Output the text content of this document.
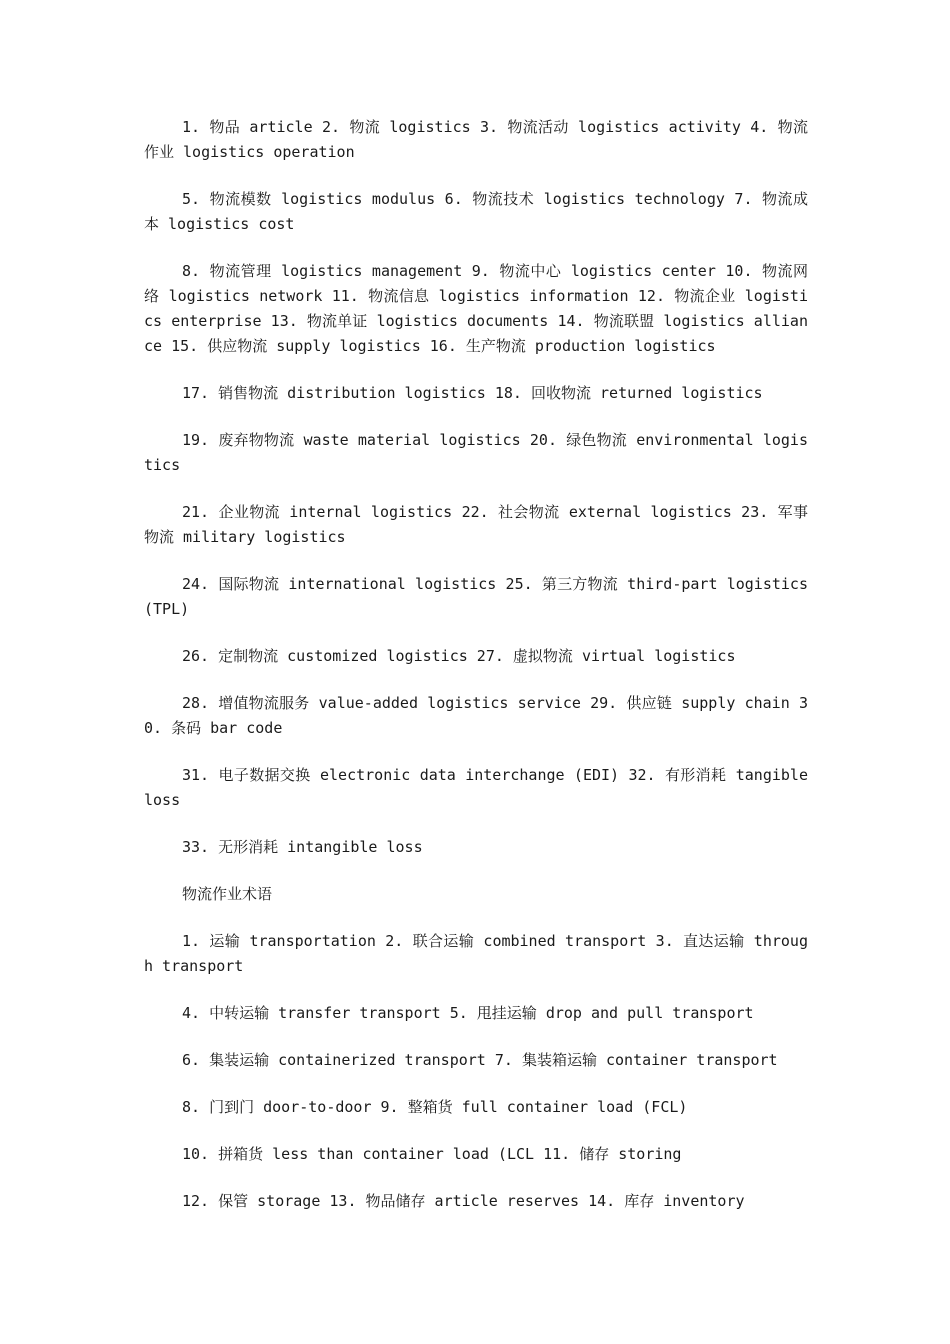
1. 物品 article 2. 物流 logistics 3. 物流活动 logistics activity 4. 物流作业 logistics operation

5. 物流模数 logistics modulus 6. 物流技术 logistics technology 7. 物流成本 logistics cost

8. 物流管理 logistics management 9. 物流中心 logistics center 10. 物流网络 logistics network 11. 物流信息 logistics information 12. 物流企业 logistics enterprise 13. 物流单证 logistics documents 14. 物流联盟 logistics alliance 15. 供应物流 supply logistics 16. 生产物流 production logistics

17. 销售物流 distribution logistics 18. 回收物流 returned logistics

19. 废弃物物流 waste material logistics 20. 绿色物流 environmental logistics

21. 企业物流 internal logistics 22. 社会物流 external logistics 23. 军事物流 military logistics

24. 国际物流 international logistics 25. 第三方物流 third-part logistics (TPL)

26. 定制物流 customized logistics 27. 虚拟物流 virtual logistics

28. 增值物流服务 value-added logistics service 29. 供应链 supply chain 30. 条码 bar code

31. 电子数据交换 electronic data interchange (EDI) 32. 有形消耗 tangible loss

33. 无形消耗 intangible loss

物流作业术语

1. 运输 transportation 2. 联合运输 combined transport 3. 直达运输 through transport

4. 中转运输 transfer transport 5. 甩挂运输 drop and pull transport

6. 集装运输 containerized transport 7. 集装箱运输 container transport

8. 门到门 door-to-door 9. 整箱货 full container load (FCL)

10. 拼箱货 less than container load (LCL 11. 储存 storing

12. 保管 storage 13. 物品储存 article reserves 14. 库存 inventory
